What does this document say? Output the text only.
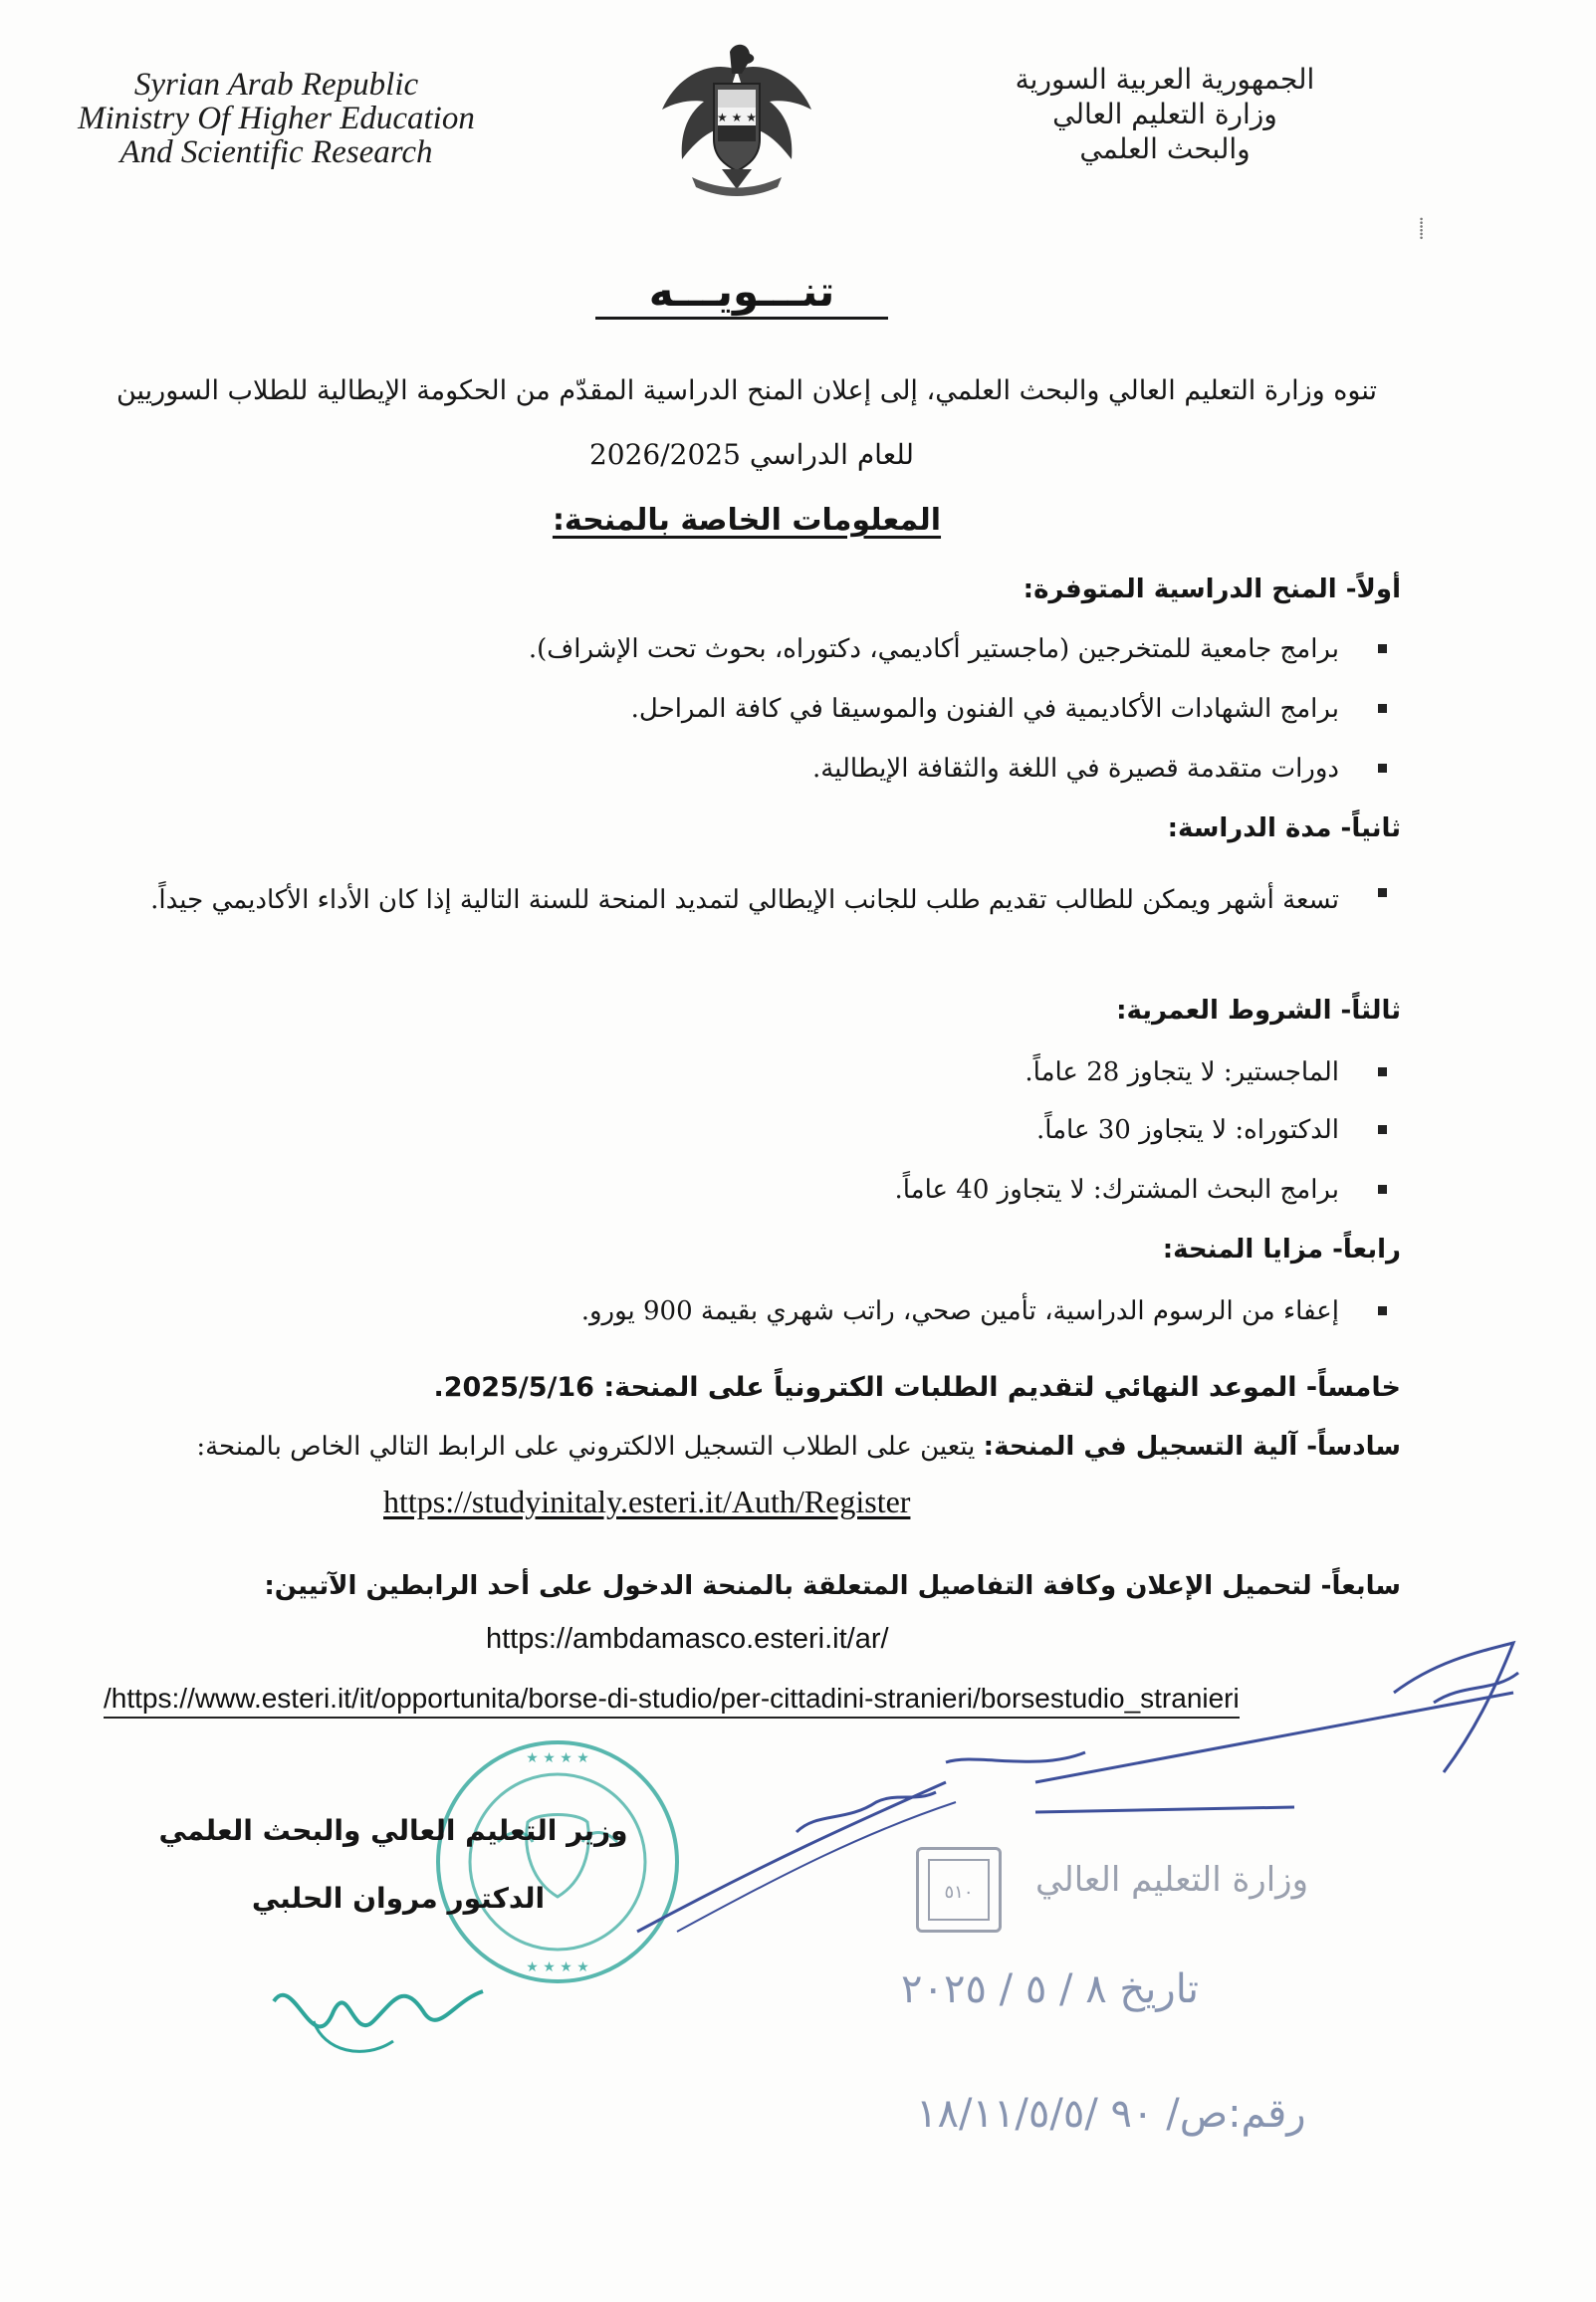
Syrian Arab Republic
Ministry Of Higher Education
And Scientific Research
★ ★ ★
الجمهورية العربية السورية
وزارة التعليم العالي
والبحث العلمي
⸽
تنـــويـــه
تنوه وزارة التعليم العالي والبحث العلمي، إلى إعلان المنح الدراسية المقدّم من الحكومة الإيطالية للطلاب السوريين
للعام الدراسي 2026/2025
المعلومات الخاصة بالمنحة:
أولاً- المنح الدراسية المتوفرة:
برامج جامعية للمتخرجين (ماجستير أكاديمي، دكتوراه، بحوث تحت الإشراف).
برامج الشهادات الأكاديمية في الفنون والموسيقا في كافة المراحل.
دورات متقدمة قصيرة في اللغة والثقافة الإيطالية.
ثانياً- مدة الدراسة:
تسعة أشهر ويمكن للطالب تقديم طلب للجانب الإيطالي لتمديد المنحة للسنة التالية إذا كان الأداء الأكاديمي جيداً.
ثالثاً- الشروط العمرية:
الماجستير: لا يتجاوز 28 عاماً.
الدكتوراه: لا يتجاوز 30 عاماً.
برامج البحث المشترك: لا يتجاوز 40 عاماً.
رابعاً- مزايا المنحة:
إعفاء من الرسوم الدراسية، تأمين صحي، راتب شهري بقيمة 900 يورو.
خامساً- الموعد النهائي لتقديم الطلبات الكترونياً على المنحة: 2025/5/16.
سادساً- آلية التسجيل في المنحة: يتعين على الطلاب التسجيل الالكتروني على الرابط التالي الخاص بالمنحة:
https://studyinitaly.esteri.it/Auth/Register
سابعاً- لتحميل الإعلان وكافة التفاصيل المتعلقة بالمنحة الدخول على أحد الرابطين الآتيين:
https://ambdamasco.esteri.it/ar/
/https://www.esteri.it/it/opportunita/borse-di-studio/per-cittadini-stranieri/borsestudio_stranieri
★ ★ ★ ★
★ ★ ★ ★
وزير التعليم العالي والبحث العلمي
الدكتور مروان الحلبي	٥١٠ وزارة التعليم العالي
تاريخ ٨ / ٥ / ٢٠٢٥
رقم:ص/ ٩٠ /١٨/١١/٥/٥
